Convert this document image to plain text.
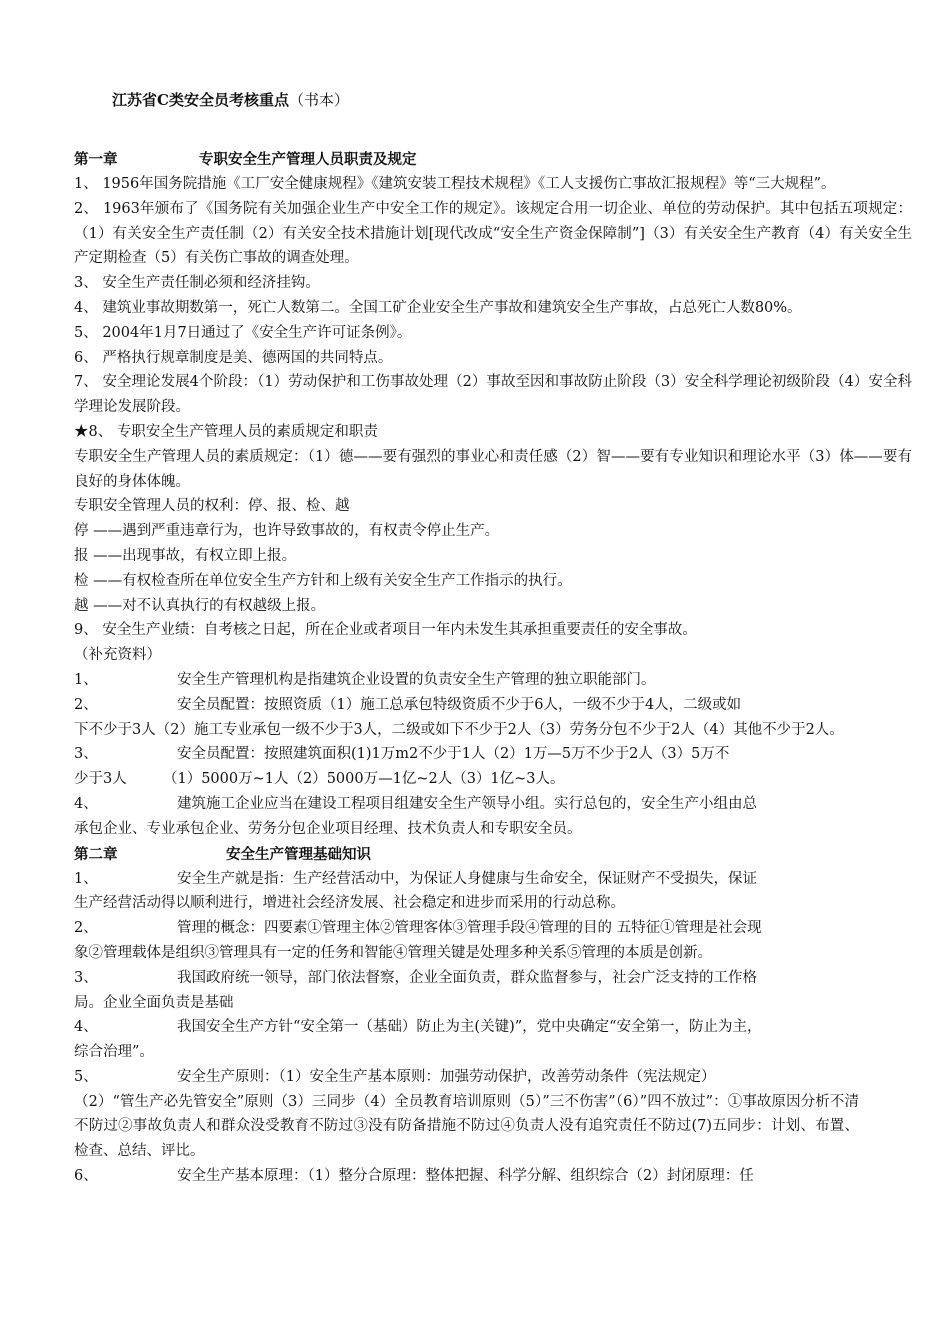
江苏省C类安全员考核重点（书本）
第一章	专职安全生产管理人员职责及规定
1、 1956年国务院措施《工厂安全健康规程》《建筑安装工程技术规程》《工人支援伤亡事故汇报规程》等“三大规程”。
2、 1963年颁布了《国务院有关加强企业生产中安全工作的规定》。该规定合用一切企业、单位的劳动保护。其中包括五项规定：（1）有关安全生产责任制（2）有关安全技术措施计划[现代改成“安全生产资金保障制”]（3）有关安全生产教育（4）有关安全生产定期检查（5）有关伤亡事故的调查处理。
3、 安全生产责任制必须和经济挂钩。
4、 建筑业事故期数第一，死亡人数第二。全国工矿企业安全生产事故和建筑安全生产事故，占总死亡人数80%。
5、 2004年1月7日通过了《安全生产许可证条例》。
6、 严格执行规章制度是美、德两国的共同特点。
7、 安全理论发展4个阶段：（1）劳动保护和工伤事故处理（2）事故至因和事故防止阶段（3）安全科学理论初级阶段（4）安全科学理论发展阶段。
★8、 专职安全生产管理人员的素质规定和职责
专职安全生产管理人员的素质规定：（1）德——要有强烈的事业心和责任感（2）智——要有专业知识和理论水平（3）体——要有良好的身体体魄。
专职安全管理人员的权利：停、报、检、越
停 ——遇到严重违章行为，也许导致事故的，有权责令停止生产。
报 ——出现事故，有权立即上报。
检 ——有权检查所在单位安全生产方针和上级有关安全生产工作指示的执行。
越 ——对不认真执行的有权越级上报。
9、 安全生产业绩：自考核之日起，所在企业或者项目一年内未发生其承担重要责任的安全事故。
（补充资料）
1、	安全生产管理机构是指建筑企业设置的负责安全生产管理的独立职能部门。
2、	安全员配置：按照资质（1）施工总承包特级资质不少于6人，一级不少于4人，二级或如
下不少于3人（2）施工专业承包一级不少于3人，二级或如下不少于2人（3）劳务分包不少于2人（4）其他不少于2人。
3、	安全员配置：按照建筑面积(1)1万m2不少于1人（2）1万—5万不少于2人（3）5万不
少于3人　　　（1）5000万~1人（2）5000万—1亿~2人（3）1亿~3人。
4、	建筑施工企业应当在建设工程项目组建安全生产领导小组。实行总包的，安全生产小组由总
承包企业、专业承包企业、劳务分包企业项目经理、技术负责人和专职安全员。
第二章	安全生产管理基础知识
1、	安全生产就是指：生产经营活动中，为保证人身健康与生命安全，保证财产不受损失，保证
生产经营活动得以顺利进行，增进社会经济发展、社会稳定和进步而采用的行动总称。
2、	管理的概念：四要素①管理主体②管理客体③管理手段④管理的目的 五特征①管理是社会现
象②管理载体是组织③管理具有一定的任务和智能④管理关键是处理多种关系⑤管理的本质是创新。
3、	我国政府统一领导，部门依法督察，企业全面负责，群众监督参与，社会广泛支持的工作格
局。企业全面负责是基础
4、	我国安全生产方针“安全第一（基础）防止为主(关键)”，党中央确定“安全第一，防止为主，
综合治理”。
5、	安全生产原则：（1）安全生产基本原则：加强劳动保护，改善劳动条件（宪法规定）
（2）“管生产必先管安全”原则（3）三同步（4）全员教育培训原则（5）”三不伤害”（6）”四不放过”：①事故原因分析不清不防过②事故负责人和群众没受教育不防过③没有防备措施不防过④负责人没有追究责任不防过(7)五同步：计划、布置、检查、总结、评比。
6、	安全生产基本原理：（1）整分合原理：整体把握、科学分解、组织综合（2）封闭原理：任
